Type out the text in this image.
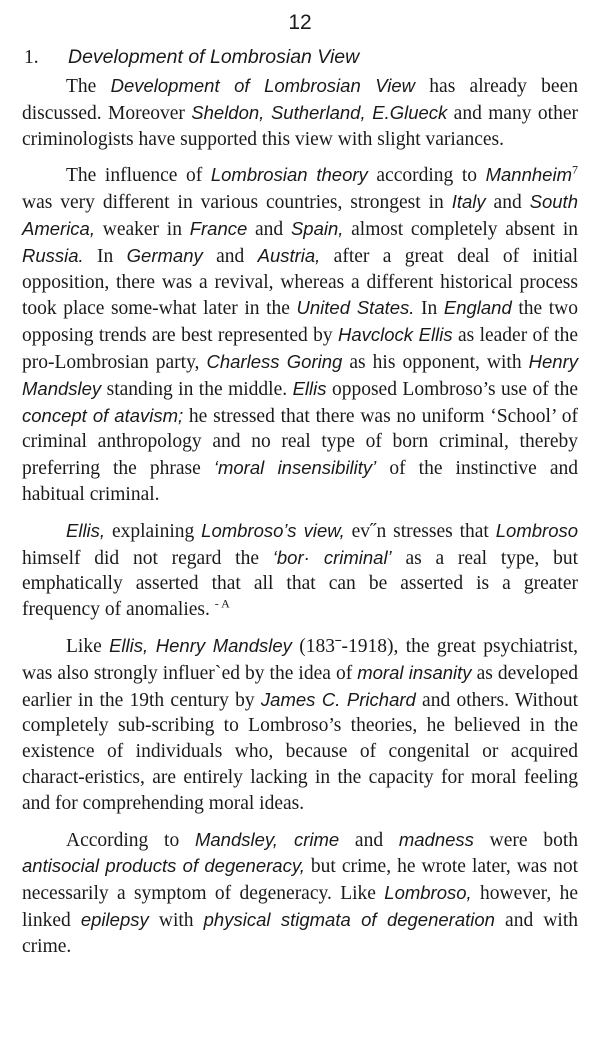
12
1. Development of Lombrosian View

The Development of Lombrosian View has already been discussed. Moreover Sheldon, Sutherland, E.Glueck and many other criminologists have supported this view with slight variances.

The influence of Lombrosian theory according to Mannheim$^7$ was very different in various countries, strongest in Italy and South America, weaker in France and Spain, almost completely absent in Russia. In Germany and Austria, after a great deal of initial opposition, there was a revival, whereas a different historical process took place some-what later in the United States. In England the two opposing trends are best represented by Havclock Ellis as leader of the pro-Lombrosian party, Charless Goring as his opponent, with Henry Mandsley standing in the middle. Ellis opposed Lombroso’s use of the concept of atavism; he stressed that there was no uniform ‘School’ of criminal anthropology and no real type of born criminal, thereby preferring the phrase ‘moral insensibility’ of the instinctive and habitual criminal.

Ellis, explaining Lombroso’s view, ev˝n stresses that Lombroso himself did not regard the ‘bor· criminal’ as a real type, but emphatically asserted that all that can be asserted is a greater frequency of anomalies. $^{- A}$

Like Ellis, Henry Mandsley (183ˉ-1918), the great psychiatrist, was also strongly influerˋed by the idea of moral insanity as developed earlier in the 19th century by James C. Prichard and others. Without completely sub-scribing to Lombroso’s theories, he believed in the existence of individuals who, because of congenital or acquired charact-eristics, are entirely lacking in the capacity for moral feeling and for comprehending moral ideas.

According to Mandsley, crime and madness were both antisocial products of degeneracy, but crime, he wrote later, was not necessarily a symptom of degeneracy. Like Lombroso, however, he linked epilepsy with physical stigmata of degeneration and with crime.
